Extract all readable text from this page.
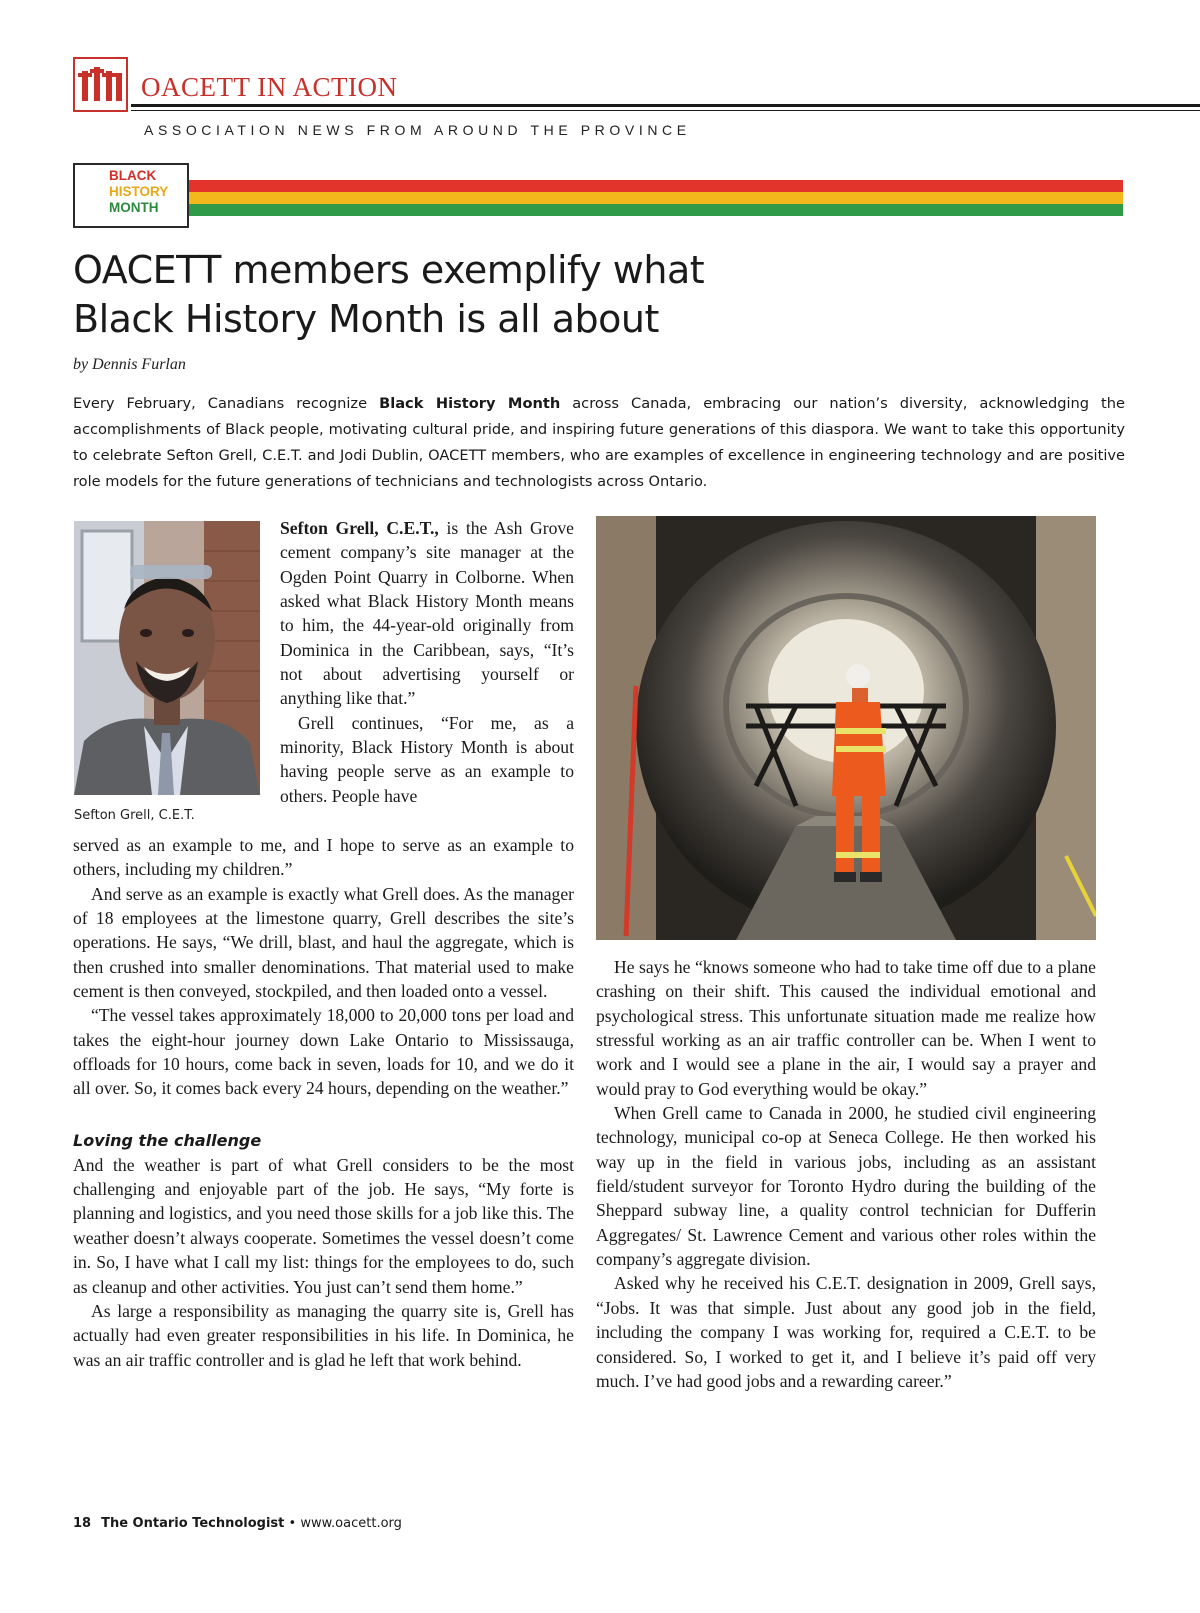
OACETT IN ACTION
ASSOCIATION NEWS FROM AROUND THE PROVINCE
BLACK
HISTORY
MONTH
OACETT members exemplify what
Black History Month is all about
by Dennis Furlan

Every February, Canadians recognize Black History Month across Canada, embracing our nation’s diversity, acknowledging the accomplishments of Black people, motivating cultural pride, and inspiring future generations of this diaspora. We want to take this opportunity to celebrate Sefton Grell, C.E.T. and Jodi Dublin, OACETT members, who are examples of excellence in engineering technology and are positive role models for the future generations of technicians and technologists across Ontario.

Sefton Grell, C.E.T.

Sefton Grell, C.E.T., is the Ash Grove cement company’s site manager at the Ogden Point Quarry in Colborne. When asked what Black History Month means to him, the 44-year-old originally from Dominica in the Caribbean, says, “It’s not about advertising yourself or anything like that.”

Grell continues, “For me, as a minority, Black History Month is about having people serve as an example to others. People have

served as an example to me, and I hope to serve as an example to others, including my children.”

And serve as an example is exactly what Grell does. As the manager of 18 employees at the limestone quarry, Grell describes the site’s operations. He says, “We drill, blast, and haul the aggregate, which is then crushed into smaller denominations. That material used to make cement is then conveyed, stockpiled, and then loaded onto a vessel.

“The vessel takes approximately 18,000 to 20,000 tons per load and takes the eight-hour journey down Lake Ontario to Mississauga, offloads for 10 hours, come back in seven, loads for 10, and we do it all over. So, it comes back every 24 hours, depending on the weather.”

Loving the challenge

And the weather is part of what Grell considers to be the most challenging and enjoyable part of the job. He says, “My forte is planning and logistics, and you need those skills for a job like this. The weather doesn’t always cooperate. Sometimes the vessel doesn’t come in. So, I have what I call my list: things for the employees to do, such as cleanup and other activities. You just can’t send them home.”

As large a responsibility as managing the quarry site is, Grell has actually had even greater responsibilities in his life. In Dominica, he was an air traffic controller and is glad he left that work behind.

He says he “knows someone who had to take time off due to a plane crashing on their shift. This caused the individual emotional and psychological stress. This unfortunate situation made me realize how stressful working as an air traffic controller can be. When I went to work and I would see a plane in the air, I would say a prayer and would pray to God everything would be okay.”

When Grell came to Canada in 2000, he studied civil engineering technology, municipal co-op at Seneca College. He then worked his way up in the field in various jobs, including as an assistant field/student surveyor for Toronto Hydro during the building of the Sheppard subway line, a quality control technician for Dufferin Aggregates/ St. Lawrence Cement and various other roles within the company’s aggregate division.

Asked why he received his C.E.T. designation in 2009, Grell says, “Jobs. It was that simple. Just about any good job in the field, including the company I was working for, required a C.E.T. to be considered. So, I worked to get it, and I believe it’s paid off very much. I’ve had good jobs and a rewarding career.”

18 The Ontario Technologist • www.oacett.org
